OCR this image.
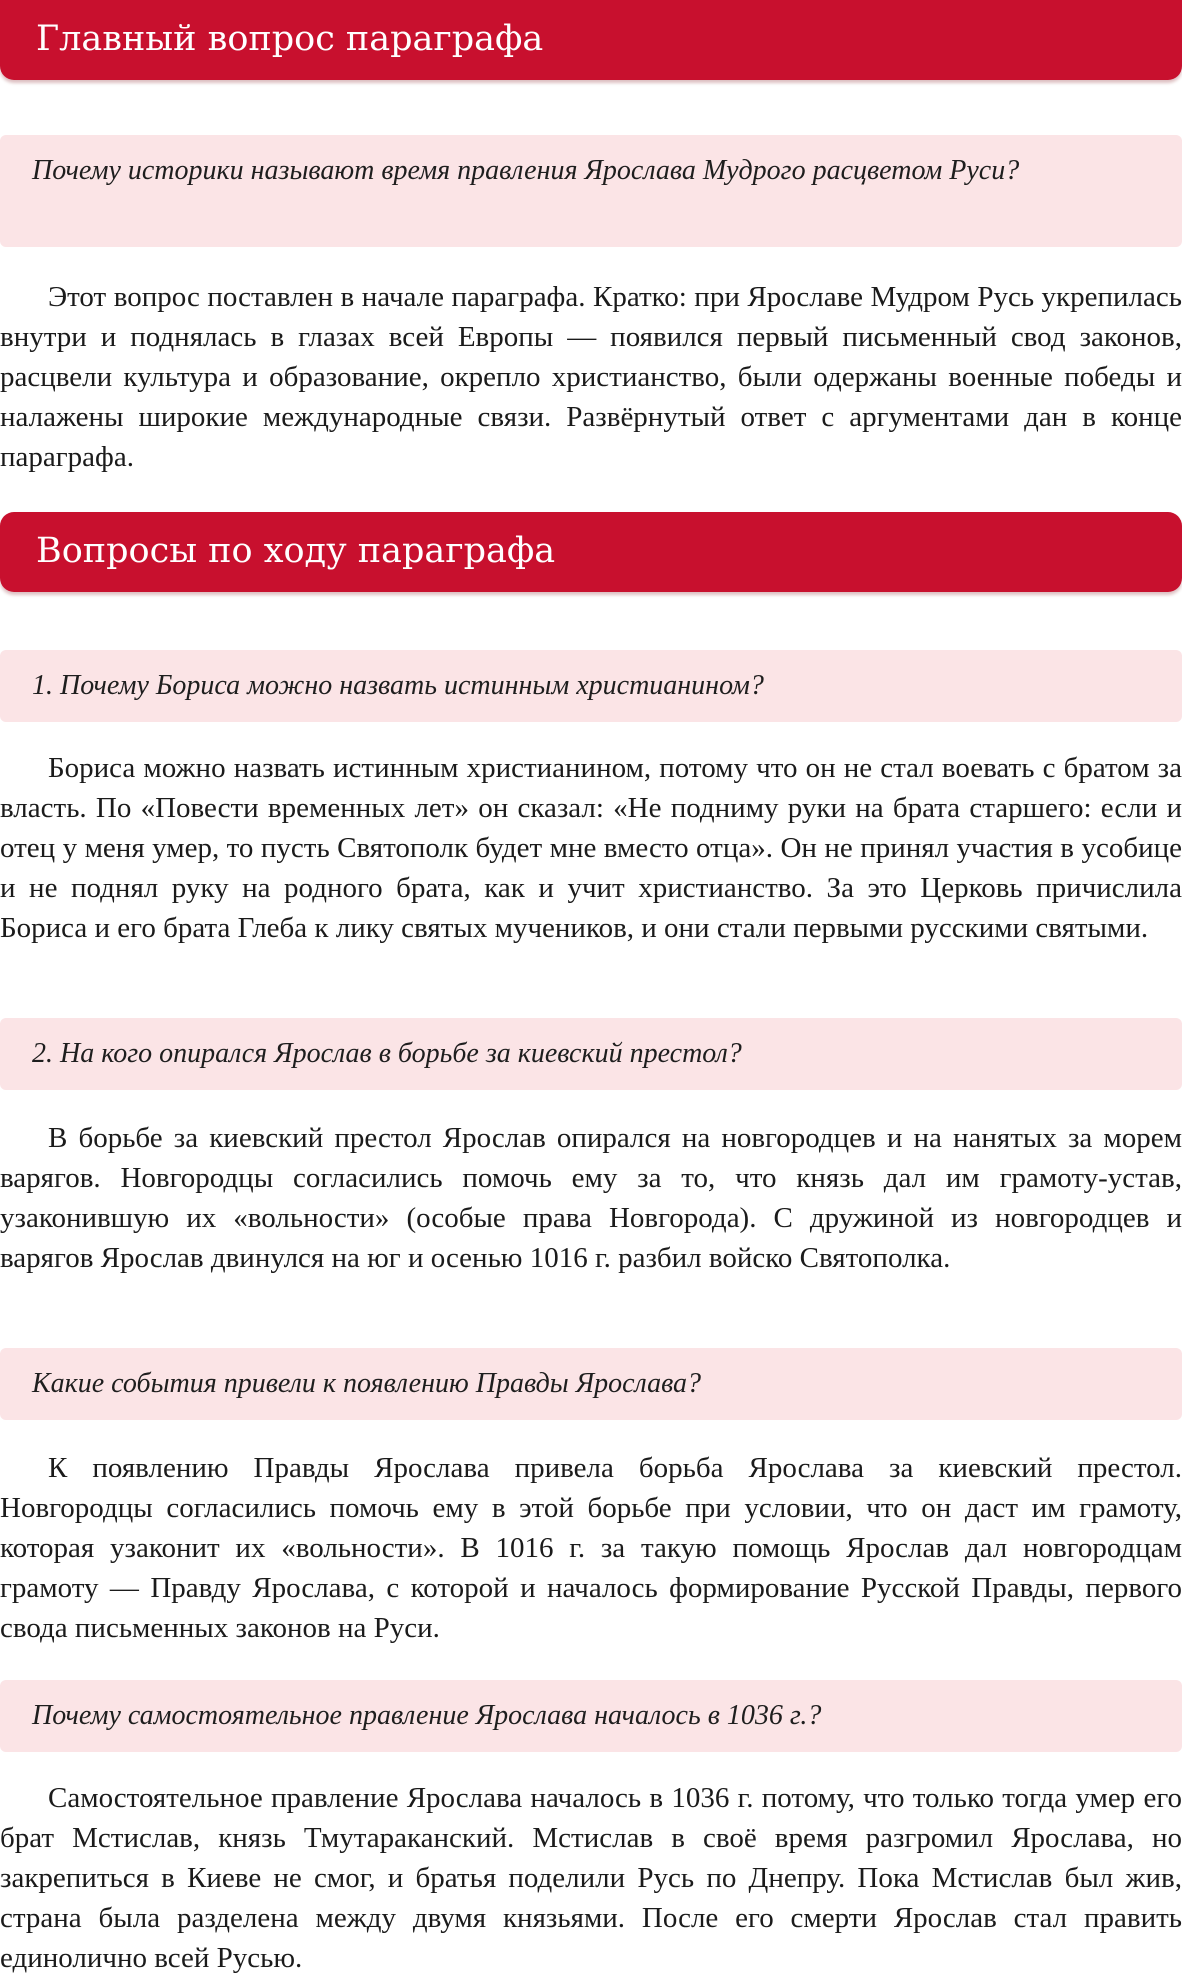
Главный вопрос параграфа
Почему историки называют время правления Ярослава Мудрого расцветом Руси?

Этот вопрос поставлен в начале параграфа. Кратко: при Ярославе Мудром Русь укрепилась внутри и поднялась в глазах всей Европы — появился первый письменный свод законов, расцвели культура и образование, окрепло христианство, были одержаны военные победы и налажены широкие международные связи. Развёрнутый ответ с аргументами дан в конце параграфа.

Вопросы по ходу параграфа
1. Почему Бориса можно назвать истинным христианином?

Бориса можно назвать истинным христианином, потому что он не стал воевать с братом за власть. По «Повести временных лет» он сказал: «Не подниму руки на брата старшего: если и отец у меня умер, то пусть Святополк будет мне вместо отца». Он не принял участия в усобице и не поднял руку на родного брата, как и учит христианство. За это Церковь причислила Бориса и его брата Глеба к лику святых мучеников, и они стали первыми русскими святыми.

2. На кого опирался Ярослав в борьбе за киевский престол?

В борьбе за киевский престол Ярослав опирался на новгородцев и на нанятых за морем варягов. Новгородцы согласились помочь ему за то, что князь дал им грамоту-устав, узаконившую их «вольности» (особые права Новгорода). С дружиной из новгородцев и варягов Ярослав двинулся на юг и осенью 1016 г. разбил войско Святополка.

Какие события привели к появлению Правды Ярослава?

К появлению Правды Ярослава привела борьба Ярослава за киевский престол. Новгородцы согласились помочь ему в этой борьбе при условии, что он даст им грамоту, которая узаконит их «вольности». В 1016 г. за такую помощь Ярослав дал новгородцам грамоту — Правду Ярослава, с которой и началось формирование Русской Правды, первого свода письменных законов на Руси.

Почему самостоятельное правление Ярослава началось в 1036 г.?

Самостоятельное правление Ярослава началось в 1036 г. потому, что только тогда умер его брат Мстислав, князь Тмутараканский. Мстислав в своё время разгромил Ярослава, но закрепиться в Киеве не смог, и братья поделили Русь по Днепру. Пока Мстислав был жив, страна была разделена между двумя князьями. После его смерти Ярослав стал править единолично всей Русью.
